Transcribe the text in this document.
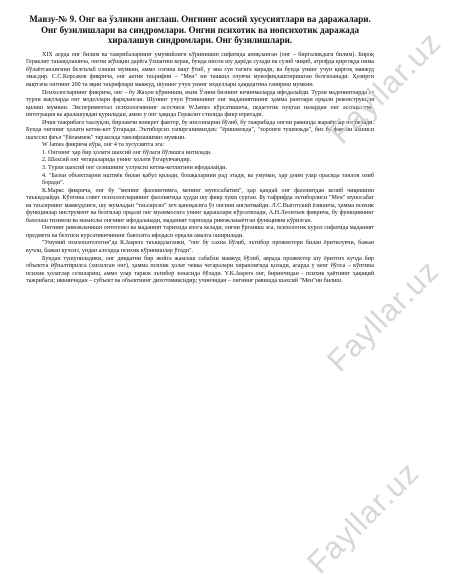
Мавзу-№ 9. Онг ва ўзликни англаш. Онгнинг асосий хусусиятлари ва даражалари. Онг бузилишлари ва синдромлари. Онгни психотик ва нопсихотик даражада хиралашув синдромлари. Онг бузилишлари.

XIX асрда онг билим ва тажрибаларнинг умумийлиги кўринишин сифатида аниқланган (онг – биргаликдаги билим). Бироқ Гераклит таъкидлашича, онгни жўшқин дарёга ўхшатиш керак, бунда инсон шу дарёда сузади ва сузиб чиқиб, атрофда қирғоқда нима бўлаётганлигини белгилаб олиши мумкин, аммо оэгина вақт ўтиб, у яна сув тагига киради, ва бунда унинг учун қирғоқ мавжуд эмасдир. С.С.Корсаков фикрича, онг актив таърифни – "Мен" ни ташкил олувчи мувофиқлаштиришган белгиланади. Ҳозирги вақтгача онгнинг 200 та яқин таърифлари мавжуд, шунинг учун унинг моделлари ҳақидагина гапириш мумкин.

Психологларнинг фикрича, онг – бу Жаҳон кўриниши, яъни Ўзини бизнинг кечинмаларда ифодалайди. Турли мадениятларда ва турли вақтларда онг моделлари фарқланган. Шунинг учун ўтмишнинг онг маданиятининг ҳамма ранглари орқали реконструкция қилиш мумкин. Экспериментал психологиянинг асосчиси W.James кўрсатишича, педагогик нуқтаи назардан онг ассоциация, интеграция ва аралашувдан қуриладаи, аммо у онг ҳақида Гераклит стилида фикр юритади.

Ички тажрибага таалуқли, бирламчи конкрет фактор, бу инсонпарни бўлиб, бу тажрибада онгни равишда жараёнлар юз беради. Бунда онгнинг ҳолати кетма-кет ўзгаради. Эътиборсиз гапирганимиздек: "ёришмокда", "хоронғи тушмокда", биз бу фактни яхшиси шахссиз феъл "ўйламмок" тарзасида тавсифлашимиз мумкин.

W James фикрича кўра, онг 4 та хусусиятга эга:

1. Онгнинг ҳар бир ҳолати шахсий онг бўлаги бўлишга интилади.

2. Шахсий онг чегараларида унинг ҳолати ўзгарувчандир.

3. Турли шахсий онг сезишнинг узлуксиз кетма-кетлигини ифодалайди.

4. "Базъи объектларни иштиёк билан қабул қилади, бошқаларини рад этади, ва умуман, ҳар доим улар орасида танлов олиб боради".

К.Маркс фикрича, онг бу "менинг фаолиятимга, менинг муносабатим", ҳар қандай онг фаолиятдан келиб чиқишини таъкидлайди. Кўпгина совет психологларининг фаолиятида ҳудди шу фикр хукм сурган. Бу тафрифда эътиборлиси "Мен" муносабат ва таъсирнинг мавжудлиги, шу жумладан "таъсирсиз" хеч қаноқасига ўз онгини англатмайди. Л.С.Выготский ёзишича, ҳамма психик функциялар инструмент ва белгилар орқали онг муаммосига унинг қарашлари кўрсатилади, А.Н.Леонтьев фикрича, бу функциянинг бахолаш тизимли ва маънолы онгнинг ифодаланади, маданият тарихида ривожланаётган функцияни кўрилган.

Онгнинг ривожланиши онтогенез ва маданият тарихида изога келади, онгни ўрганиш эса, психологик курол сифатида маданият предмети ва белгиси курсатикичининг бавосита ифодаси орқали амалга оширилади.

"Умумий психопатология"да К.Jaspers таъкидлаганки, "онг бу сахна бўлиб, эътибор прожектори билан ёритилувчи, бажан кучли, бажан кучсиз, ундан алоҳида психик кўринишлар ўтади".

Бундан тушуниладики, онг диққатни бир жойга жамлаш сабабли мавжуд бўлиб, аврада прожектор шу ёритгих кучда бир объектга йўналтирилса (хисилган онг), ҳамма психик ҳолат чекка чегаралари хиранлигида қолади, агарда у кенг бўлса – кўпгина психик ҳолатлар сезилариш, аммо улар таркок эътибор зонасида бўлади. Y.K.Jaspers онг, биринчидан - психик ҳаётнинг ҳақиқий тажрибаси; иккинчидан – субъект ва объектнинг дихотомиясидир; учинчидан – онгнинг равишда шахсий "Мен"ни билиш.

Fayllar.uz
Fayllar.uz
Fayllar.uz
